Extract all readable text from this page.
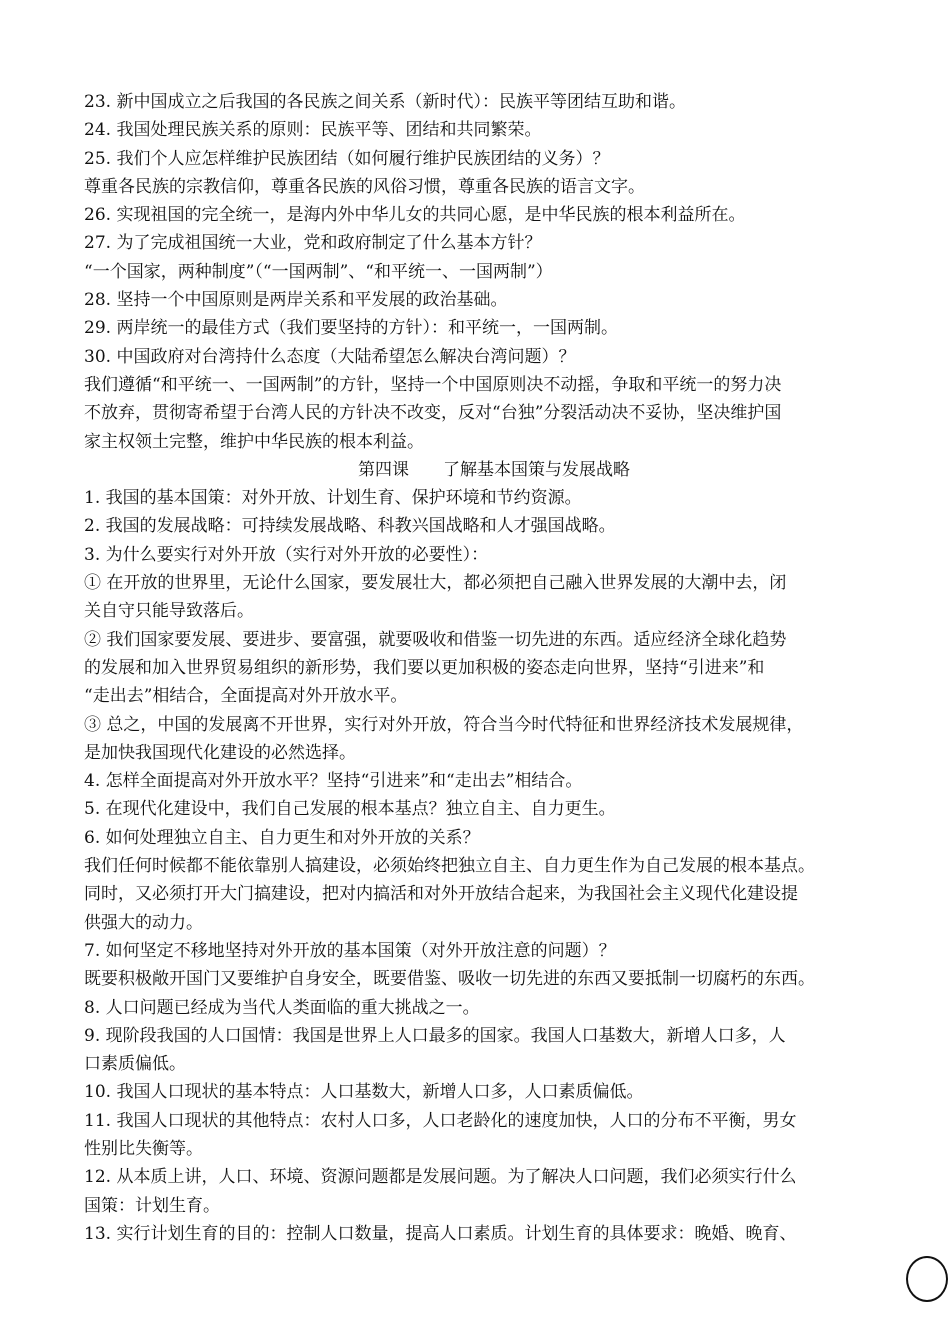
23. 新中国成立之后我国的各民族之间关系（新时代）：民族平等团结互助和谐。
24. 我国处理民族关系的原则：民族平等、团结和共同繁荣。
25. 我们个人应怎样维护民族团结（如何履行维护民族团结的义务）？
尊重各民族的宗教信仰，尊重各民族的风俗习惯，尊重各民族的语言文字。
26. 实现祖国的完全统一，是海内外中华儿女的共同心愿，是中华民族的根本利益所在。
27. 为了完成祖国统一大业，党和政府制定了什么基本方针？
“一个国家，两种制度”（“一国两制”、“和平统一、一国两制”）
28. 坚持一个中国原则是两岸关系和平发展的政治基础。
29. 两岸统一的最佳方式（我们要坚持的方针）：和平统一，一国两制。
30. 中国政府对台湾持什么态度（大陆希望怎么解决台湾问题）？
我们遵循“和平统一、一国两制”的方针，坚持一个中国原则决不动摇，争取和平统一的努力决
不放弃，贯彻寄希望于台湾人民的方针决不改变，反对“台独”分裂活动决不妥协，坚决维护国
家主权领土完整，维护中华民族的根本利益。
第四课　　了解基本国策与发展战略
1. 我国的基本国策：对外开放、计划生育、保护环境和节约资源。
2. 我国的发展战略：可持续发展战略、科教兴国战略和人才强国战略。
3. 为什么要实行对外开放（实行对外开放的必要性）：
① 在开放的世界里，无论什么国家，要发展壮大，都必须把自己融入世界发展的大潮中去，闭
关自守只能导致落后。
② 我们国家要发展、要进步、要富强，就要吸收和借鉴一切先进的东西。适应经济全球化趋势
的发展和加入世界贸易组织的新形势，我们要以更加积极的姿态走向世界，坚持“引进来”和
“走出去”相结合，全面提高对外开放水平。
③ 总之，中国的发展离不开世界，实行对外开放，符合当今时代特征和世界经济技术发展规律，
是加快我国现代化建设的必然选择。
4. 怎样全面提高对外开放水平？坚持“引进来”和“走出去”相结合。
5. 在现代化建设中，我们自己发展的根本基点？独立自主、自力更生。
6. 如何处理独立自主、自力更生和对外开放的关系？
我们任何时候都不能依靠别人搞建设，必须始终把独立自主、自力更生作为自己发展的根本基点。
同时，又必须打开大门搞建设，把对内搞活和对外开放结合起来，为我国社会主义现代化建设提
供强大的动力。
7. 如何坚定不移地坚持对外开放的基本国策（对外开放注意的问题）？
既要积极敞开国门又要维护自身安全，既要借鉴、吸收一切先进的东西又要抵制一切腐朽的东西。
8. 人口问题已经成为当代人类面临的重大挑战之一。
9. 现阶段我国的人口国情：我国是世界上人口最多的国家。我国人口基数大，新增人口多，人
口素质偏低。
10. 我国人口现状的基本特点：人口基数大，新增人口多，人口素质偏低。
11. 我国人口现状的其他特点：农村人口多，人口老龄化的速度加快，人口的分布不平衡，男女
性别比失衡等。
12. 从本质上讲，人口、环境、资源问题都是发展问题。为了解决人口问题，我们必须实行什么
国策：计划生育。
13. 实行计划生育的目的：控制人口数量，提高人口素质。计划生育的具体要求：晚婚、晚育、
